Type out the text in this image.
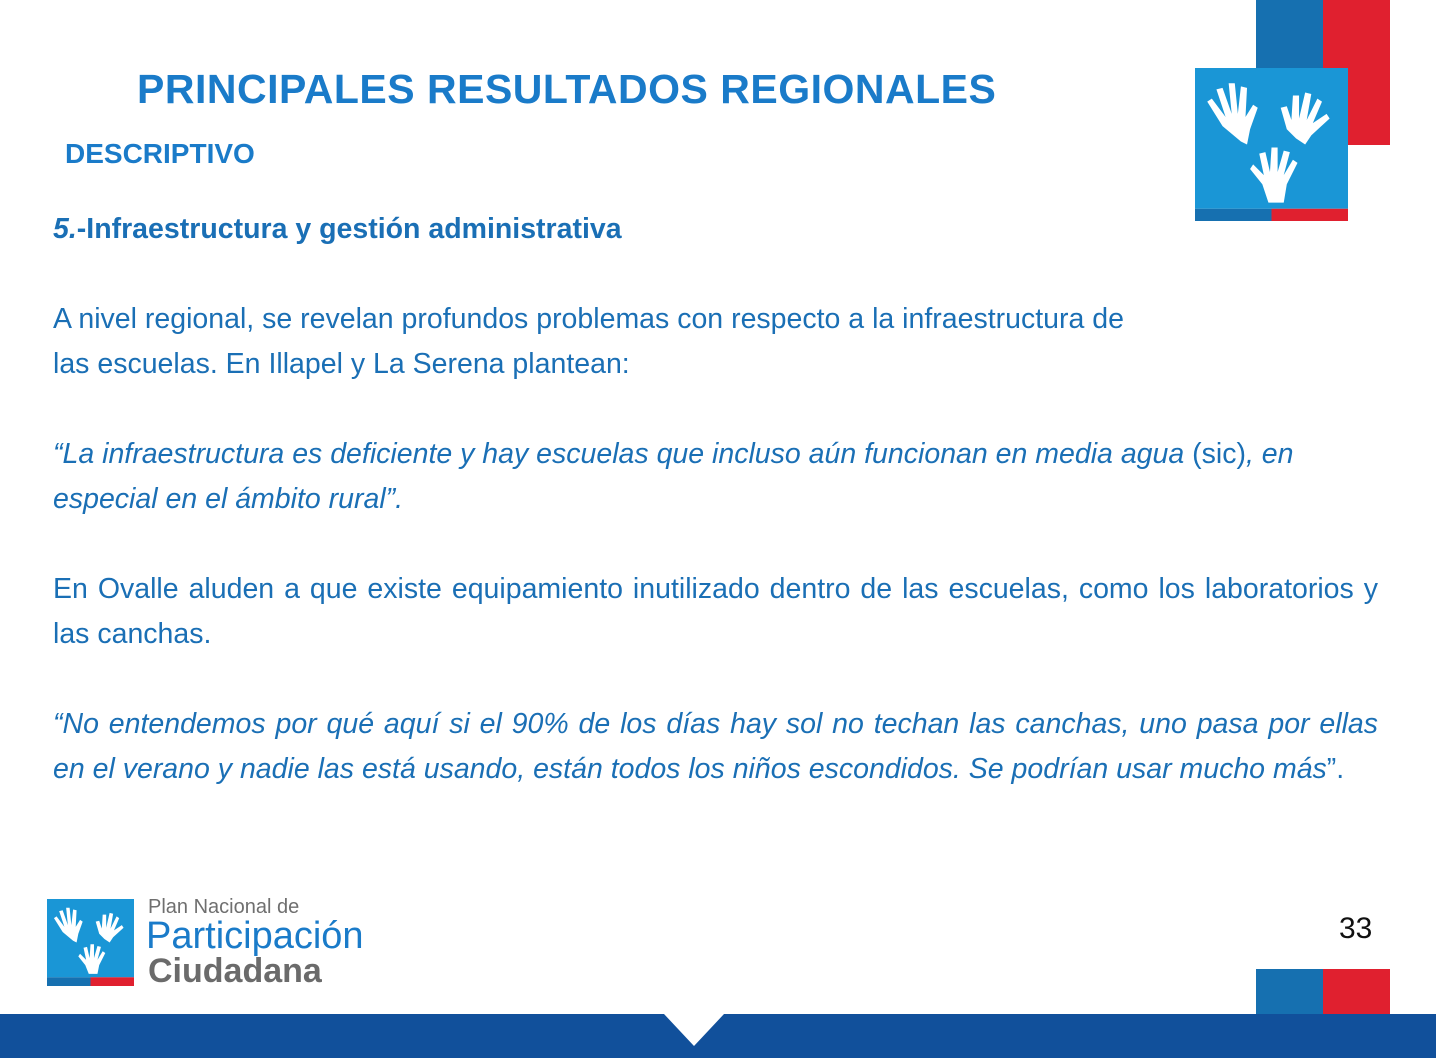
PRINCIPALES RESULTADOS REGIONALES
DESCRIPTIVO

5.-Infraestructura y gestión administrativa

A nivel regional, se revelan profundos problemas con respecto a la infraestructura de
las escuelas. En Illapel y La Serena plantean:

“La infraestructura es deficiente y hay escuelas que incluso aún funcionan en media agua (sic), en especial en el ámbito rural”.

En Ovalle aluden a que existe equipamiento inutilizado dentro de las escuelas, como los laboratorios y las canchas.

“No entendemos por qué aquí si el 90% de los días hay sol no techan las canchas, uno pasa por ellas en el verano y nadie las está usando, están todos los niños escondidos. Se podrían usar mucho más”.

Plan Nacional de
Participación
Ciudadana
33
